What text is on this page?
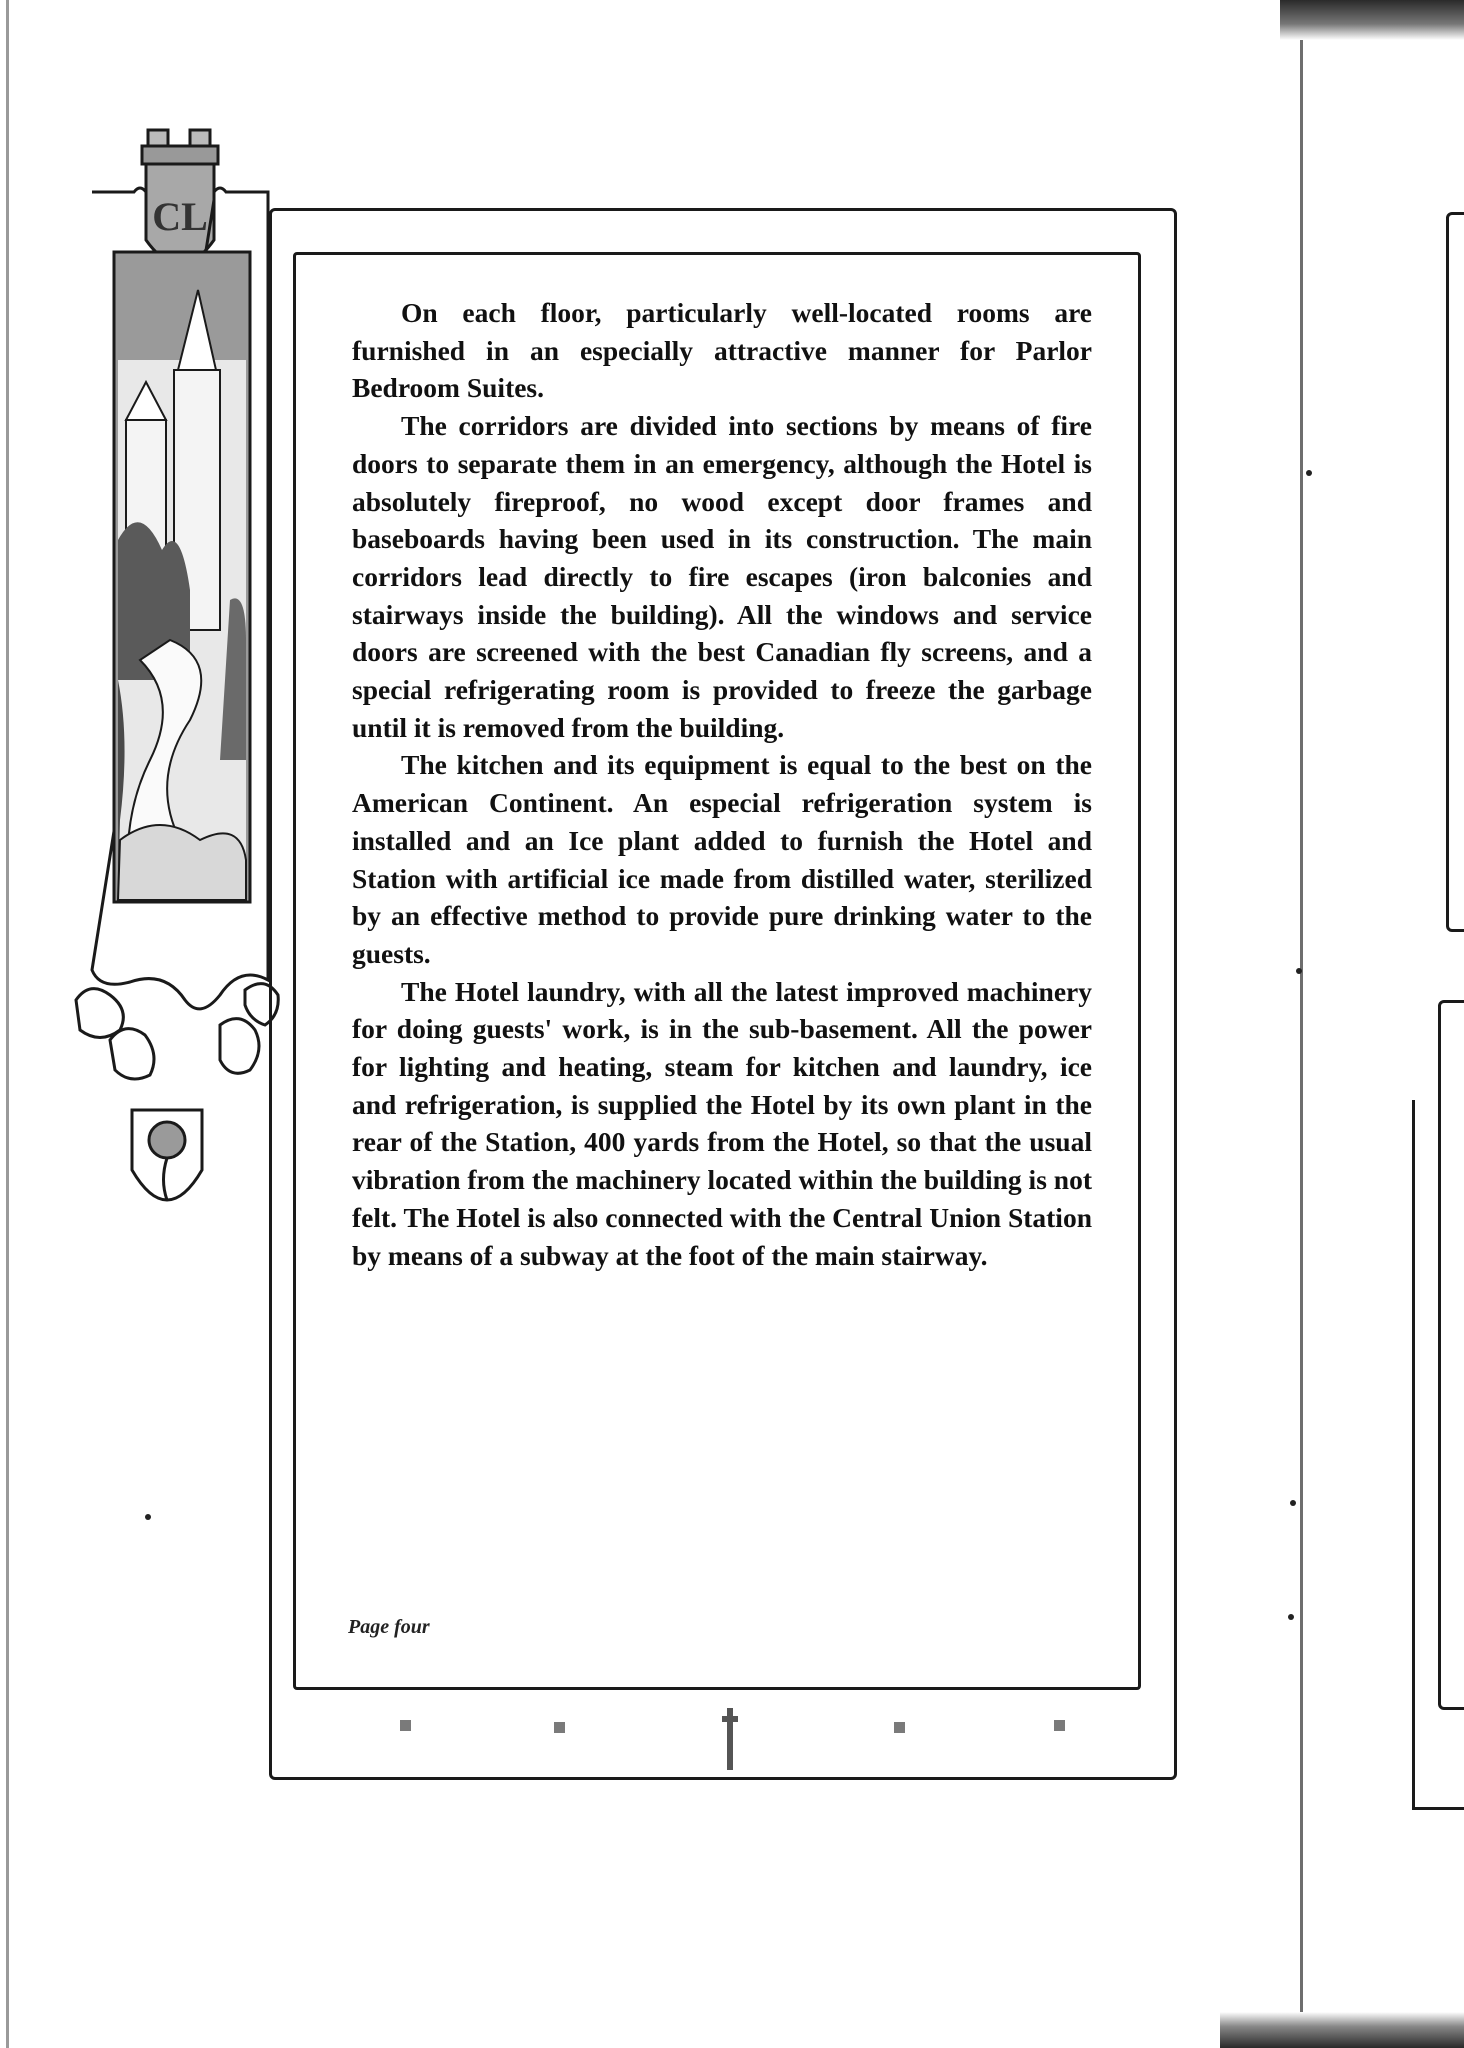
CL

On each floor, particularly well-located rooms are furnished in an especially attractive manner for Parlor Bedroom Suites.

The corridors are divided into sections by means of fire doors to separate them in an emergency, although the Hotel is absolutely fireproof, no wood except door frames and baseboards having been used in its construction. The main corridors lead directly to fire escapes (iron balconies and stairways inside the building). All the windows and service doors are screened with the best Canadian fly screens, and a special refrigerating room is provided to freeze the garbage until it is removed from the building.

The kitchen and its equipment is equal to the best on the American Continent. An especial refrigeration system is installed and an Ice plant added to furnish the Hotel and Station with artificial ice made from distilled water, sterilized by an effective method to provide pure drinking water to the guests.

The Hotel laundry, with all the latest improved machinery for doing guests' work, is in the sub-basement. All the power for lighting and heating, steam for kitchen and laundry, ice and refrigeration, is supplied the Hotel by its own plant in the rear of the Station, 400 yards from the Hotel, so that the usual vibration from the machinery located within the building is not felt. The Hotel is also connected with the Central Union Station by means of a subway at the foot of the main stairway.

Page four
